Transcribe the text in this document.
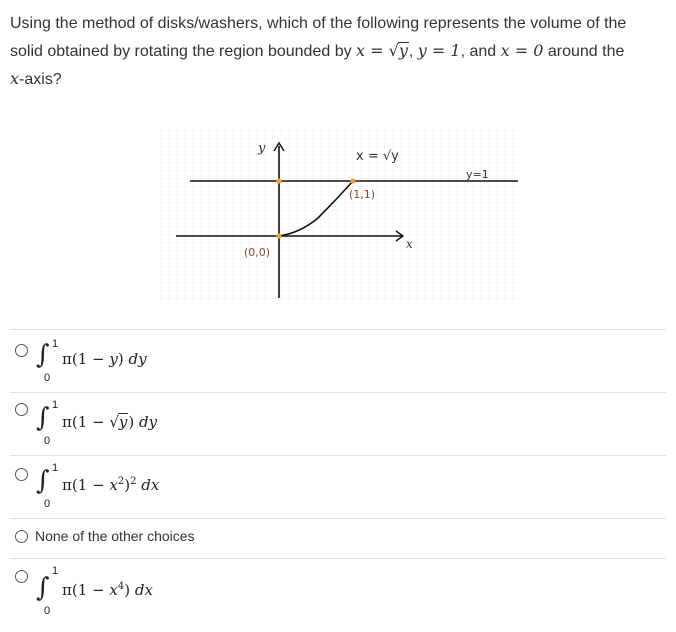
Using the method of disks/washers, which of the following represents the volume of the
solid obtained by rotating the region bounded by x = √y, y = 1, and x = 0 around the
x-axis?
y
x
x = √y
y=1
(0,0)
(1,1)
∫ 1
0
π(1 − y) dy
∫ 1
0
π(1 − √y) dy
∫ 1
0
$\pi(1 - x^2)^2$ dx
None of the other choices
∫
1
0
$\pi(1 - x^4)$ dx
